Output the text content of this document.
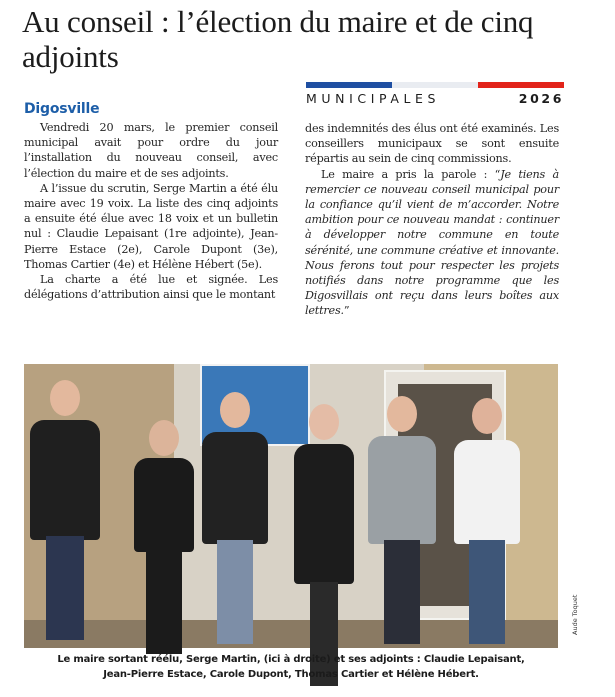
Au conseil : l’élection du maire et de cinq adjoints
MUNICIPALES	2026
Digosville

Vendredi 20 mars, le premier conseil municipal avait pour ordre du jour l’installation du nouveau conseil, avec l’élection du maire et de ses adjoints.

A l’issue du scrutin, Serge Martin a été élu maire avec 19 voix. La liste des cinq adjoints a ensuite été élue avec 18 voix et un bulletin nul : Claudie Lepaisant (1re adjointe), Jean-Pierre Estace (2e), Carole Dupont (3e), Thomas Cartier (4e) et Hélène Hébert (5e).

La charte a été lue et signée. Les délégations d’attribution ainsi que le montant

des indemnités des élus ont été examinés. Les conseillers municipaux se sont ensuite répartis au sein de cinq commissions.

Le maire a pris la parole : “Je tiens à remercier ce nouveau conseil municipal pour la confiance qu’il vient de m’accorder. Notre ambition pour ce nouveau mandat : continuer à développer notre commune en toute sérénité, une commune créative et innovante. Nous ferons tout pour respecter les projets notifiés dans notre programme que les Digosvillais ont reçu dans leurs boîtes aux lettres.”

Aude Toquet

Le maire sortant réélu, Serge Martin, (ici à droite) et ses adjoints : Claudie Lepaisant,
Jean-Pierre Estace, Carole Dupont, Thomas Cartier et Hélène Hébert.
